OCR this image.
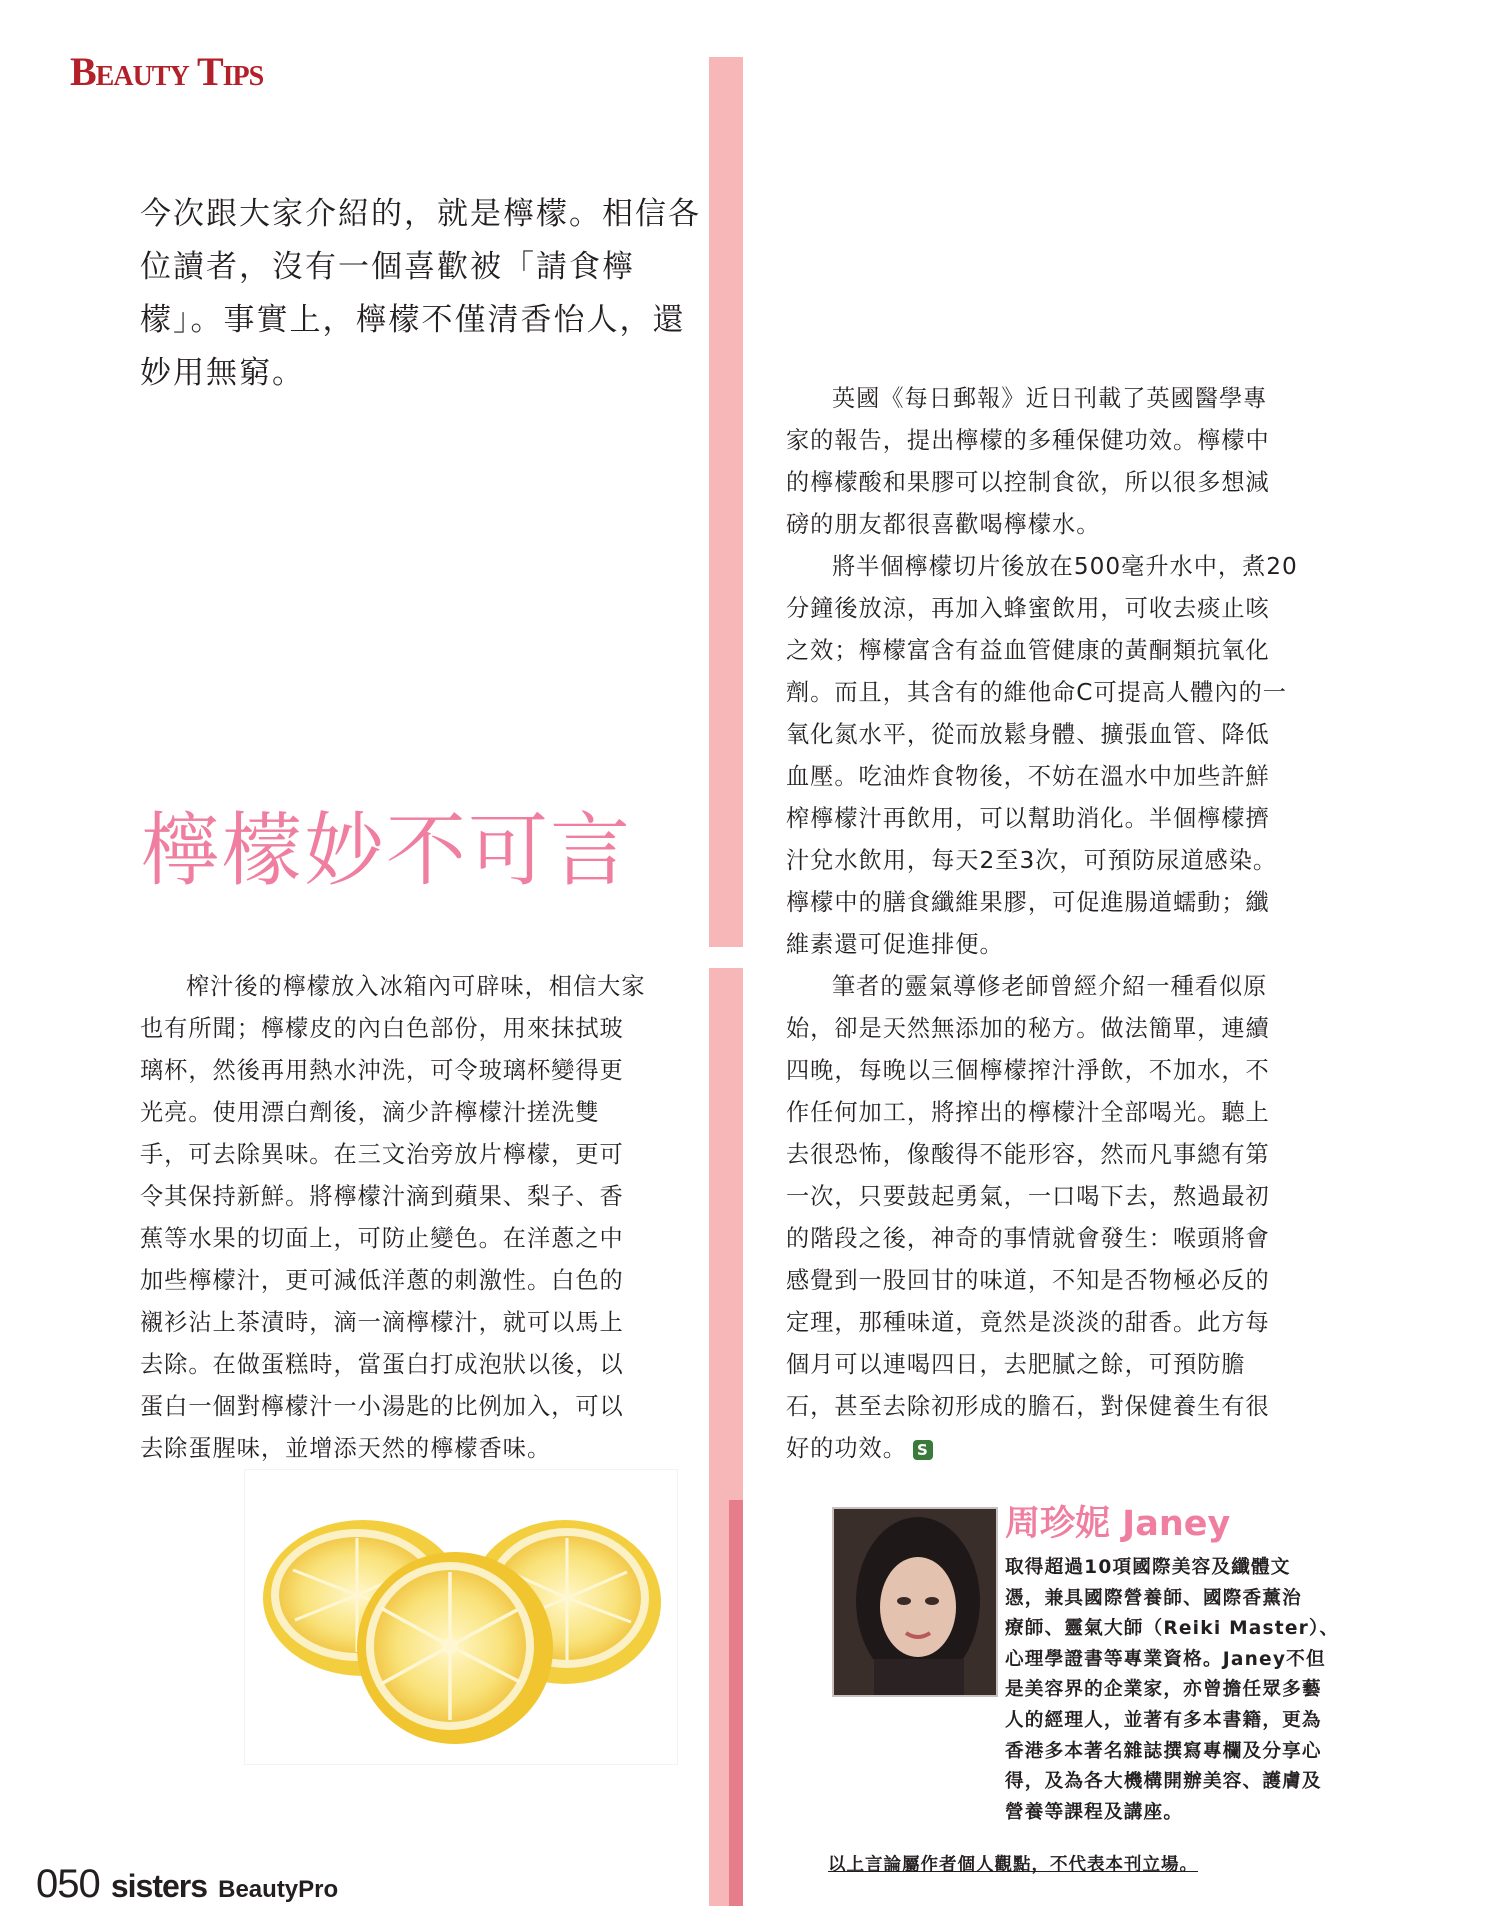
Beauty Tips
今次跟大家介紹的，就是檸檬。相信各
位讀者，沒有一個喜歡被「請食檸
檬」。事實上，檸檬不僅清香怡人，還
妙用無窮。
檸檬妙不可言
榨汁後的檸檬放入冰箱內可辟味，相信大家
也有所聞；檸檬皮的內白色部份，用來抹拭玻
璃杯，然後再用熱水沖洗，可令玻璃杯變得更
光亮。使用漂白劑後，滴少許檸檬汁搓洗雙
手，可去除異味。在三文治旁放片檸檬，更可
令其保持新鮮。將檸檬汁滴到蘋果、梨子、香
蕉等水果的切面上，可防止變色。在洋蔥之中
加些檸檬汁，更可減低洋蔥的刺激性。白色的
襯衫沾上茶漬時，滴一滴檸檬汁，就可以馬上
去除。在做蛋糕時，當蛋白打成泡狀以後，以
蛋白一個對檸檬汁一小湯匙的比例加入，可以
去除蛋腥味，並增添天然的檸檬香味。
英國《每日郵報》近日刊載了英國醫學專
家的報告，提出檸檬的多種保健功效。檸檬中
的檸檬酸和果膠可以控制食欲，所以很多想減
磅的朋友都很喜歡喝檸檬水。
將半個檸檬切片後放在500毫升水中，煮20
分鐘後放涼，再加入蜂蜜飲用，可收去痰止咳
之效；檸檬富含有益血管健康的黃酮類抗氧化
劑。而且，其含有的維他命C可提高人體內的一
氧化氮水平，從而放鬆身體、擴張血管、降低
血壓。吃油炸食物後，不妨在溫水中加些許鮮
榨檸檬汁再飲用，可以幫助消化。半個檸檬擠
汁兌水飲用，每天2至3次，可預防尿道感染。
檸檬中的膳食纖維果膠，可促進腸道蠕動；纖
維素還可促進排便。
筆者的靈氣導修老師曾經介紹一種看似原
始，卻是天然無添加的秘方。做法簡單，連續
四晚，每晚以三個檸檬搾汁淨飲，不加水，不
作任何加工，將搾出的檸檬汁全部喝光。聽上
去很恐怖，像酸得不能形容，然而凡事總有第
一次，只要鼓起勇氣，一口喝下去，熬過最初
的階段之後，神奇的事情就會發生：喉頭將會
感覺到一股回甘的味道，不知是否物極必反的
定理，那種味道，竟然是淡淡的甜香。此方每
個月可以連喝四日，去肥膩之餘，可預防膽
石，甚至去除初形成的膽石，對保健養生有很
好的功效。 S
周珍妮 Janey
取得超過10項國際美容及纖體文
憑，兼具國際營養師、國際香薰治
療師、靈氣大師（Reiki Master）、
心理學證書等專業資格。Janey不但
是美容界的企業家，亦曾擔任眾多藝
人的經理人，並著有多本書籍，更為
香港多本著名雜誌撰寫專欄及分享心
得，及為各大機構開辦美容、護膚及
營養等課程及講座。
以上言論屬作者個人觀點，不代表本刊立場。
050 sisters BeautyPro
